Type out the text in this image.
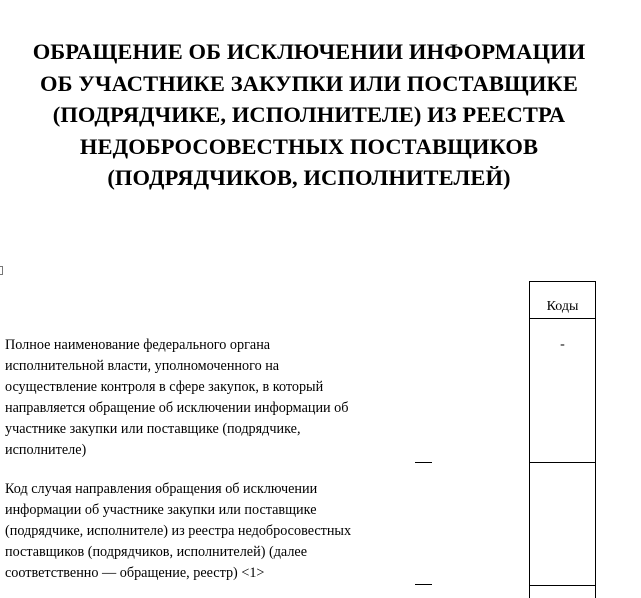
ОБРАЩЕНИЕ ОБ ИСКЛЮЧЕНИИ ИНФОРМАЦИИ
ОБ УЧАСТНИКЕ ЗАКУПКИ ИЛИ ПОСТАВЩИКЕ
(ПОДРЯДЧИКЕ, ИСПОЛНИТЕЛЕ) ИЗ РЕЕСТРА
НЕДОБРОСОВЕСТНЫХ ПОСТАВЩИКОВ
(ПОДРЯДЧИКОВ, ИСПОЛНИТЕЛЕЙ)
Коды
-
Полное наименование федерального органа
исполнительной власти, уполномоченного на
осуществление контроля в сфере закупок, в который
направляется обращение об исключении информации об
участнике закупки или поставщике (подрядчике,
исполнителе)
Код случая направления обращения об исключении
информации об участнике закупки или поставщике
(подрядчике, исполнителе) из реестра недобросовестных
поставщиков (подрядчиков, исполнителей) (далее
соответственно — обращение, реестр) <1>
